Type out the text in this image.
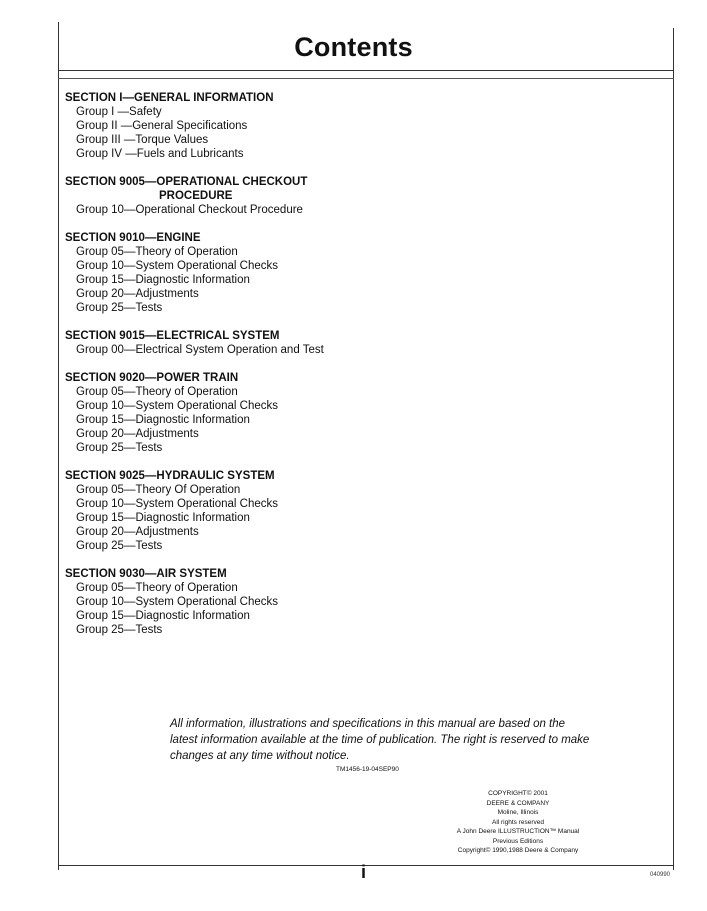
Contents
SECTION I—GENERAL INFORMATION
Group I —Safety
Group II —General Specifications
Group III —Torque Values
Group IV —Fuels and Lubricants
SECTION 9005—OPERATIONAL CHECKOUT
PROCEDURE
Group 10—Operational Checkout Procedure
SECTION 9010—ENGINE
Group 05—Theory of Operation
Group 10—System Operational Checks
Group 15—Diagnostic Information
Group 20—Adjustments
Group 25—Tests
SECTION 9015—ELECTRICAL SYSTEM
Group 00—Electrical System Operation and Test
SECTION 9020—POWER TRAIN
Group 05—Theory of Operation
Group 10—System Operational Checks
Group 15—Diagnostic Information
Group 20—Adjustments
Group 25—Tests
SECTION 9025—HYDRAULIC SYSTEM
Group 05—Theory Of Operation
Group 10—System Operational Checks
Group 15—Diagnostic Information
Group 20—Adjustments
Group 25—Tests
SECTION 9030—AIR SYSTEM
Group 05—Theory of Operation
Group 10—System Operational Checks
Group 15—Diagnostic Information
Group 25—Tests
All information, illustrations and specifications in this manual are based on the latest information available at the time of publication. The right is reserved to make changes at any time without notice.
TM1456-19-04SEP90
COPYRIGHT© 2001
DEERE & COMPANY
Moline, Illinois
All rights reserved
A John Deere ILLUSTRUCTION™ Manual
Previous Editions
Copyright© 1990,1988 Deere & Company
i	040990
